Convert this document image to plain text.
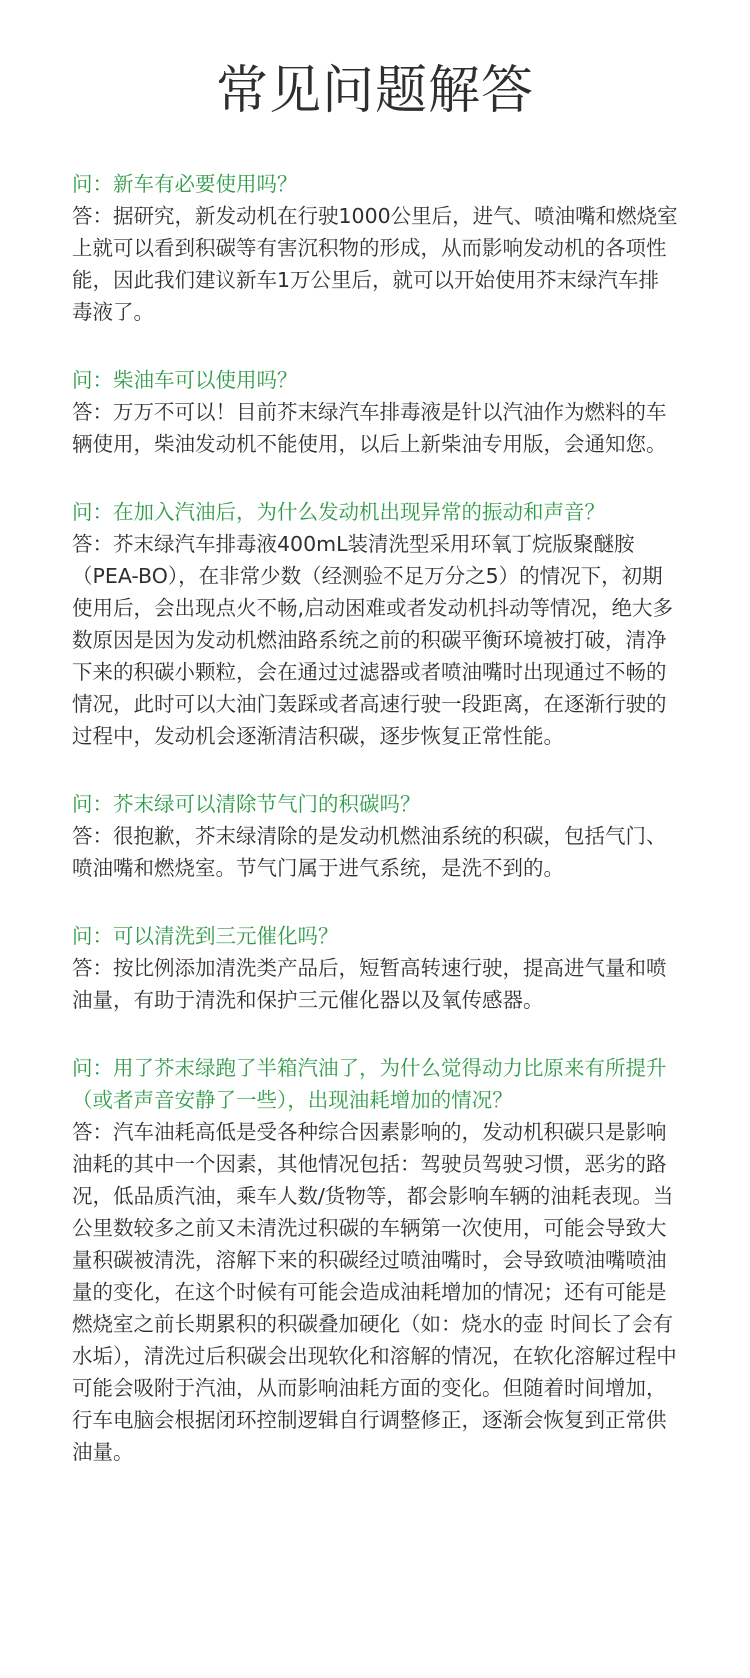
常见问题解答

问：新车有必要使用吗？

答：据研究，新发动机在行驶1000公里后，进气、喷油嘴和燃烧室上就可以看到积碳等有害沉积物的形成，从而影响发动机的各项性能，因此我们建议新车1万公里后，就可以开始使用芥末绿汽车排毒液了。

问：柴油车可以使用吗？

答：万万不可以！目前芥末绿汽车排毒液是针以汽油作为燃料的车辆使用，柴油发动机不能使用，以后上新柴油专用版，会通知您。

问：在加入汽油后，为什么发动机出现异常的振动和声音？

答：芥末绿汽车排毒液400mL装清洗型采用环氧丁烷版聚醚胺（PEA-BO），在非常少数（经测验不足万分之5）的情况下，初期使用后，会出现点火不畅,启动困难或者发动机抖动等情况，绝大多数原因是因为发动机燃油路系统之前的积碳平衡环境被打破，清净下来的积碳小颗粒，会在通过过滤器或者喷油嘴时出现通过不畅的情况，此时可以大油门轰踩或者高速行驶一段距离，在逐渐行驶的过程中，发动机会逐渐清洁积碳，逐步恢复正常性能。

问：芥末绿可以清除节气门的积碳吗？

答：很抱歉，芥末绿清除的是发动机燃油系统的积碳，包括气门、喷油嘴和燃烧室。节气门属于进气系统，是洗不到的。

问：可以清洗到三元催化吗？

答：按比例添加清洗类产品后，短暂高转速行驶，提高进气量和喷油量，有助于清洗和保护三元催化器以及氧传感器。

问：用了芥末绿跑了半箱汽油了，为什么觉得动力比原来有所提升（或者声音安静了一些），出现油耗增加的情况？

答：汽车油耗高低是受各种综合因素影响的，发动机积碳只是影响油耗的其中一个因素，其他情况包括：驾驶员驾驶习惯，恶劣的路况，低品质汽油，乘车人数/货物等，都会影响车辆的油耗表现。当公里数较多之前又未清洗过积碳的车辆第一次使用，可能会导致大量积碳被清洗，溶解下来的积碳经过喷油嘴时，会导致喷油嘴喷油量的变化，在这个时候有可能会造成油耗增加的情况；还有可能是燃烧室之前长期累积的积碳叠加硬化（如：烧水的壶 时间长了会有水垢），清洗过后积碳会出现软化和溶解的情况，在软化溶解过程中可能会吸附于汽油，从而影响油耗方面的变化。但随着时间增加，行车电脑会根据闭环控制逻辑自行调整修正，逐渐会恢复到正常供油量。
